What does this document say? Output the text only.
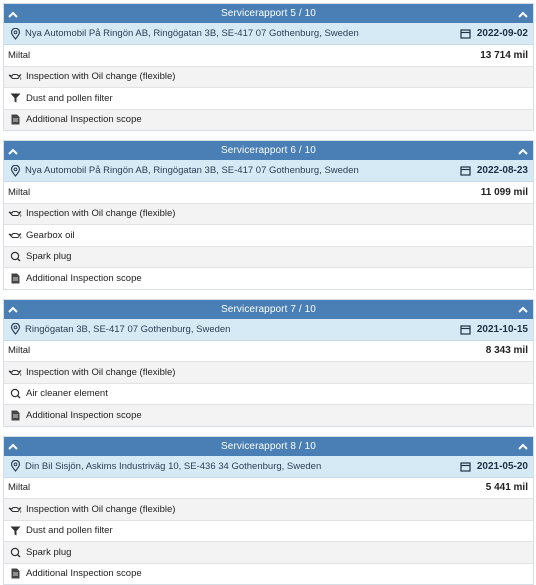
Servicerapport 5 / 10
Nya Automobil På Ringön AB, Ringögatan 3B, SE-417 07 Gothenburg, Sweden	2022-09-02
Miltal	13 714 mil
Inspection with Oil change (flexible)
Dust and pollen filter
Additional Inspection scope
Servicerapport 6 / 10
Nya Automobil På Ringön AB, Ringögatan 3B, SE-417 07 Gothenburg, Sweden	2022-08-23
Miltal	11 099 mil
Inspection with Oil change (flexible)
Gearbox oil
Spark plug
Additional Inspection scope
Servicerapport 7 / 10
Ringögatan 3B, SE-417 07 Gothenburg, Sweden	2021-10-15
Miltal	8 343 mil
Inspection with Oil change (flexible)
Air cleaner element
Additional Inspection scope
Servicerapport 8 / 10
Din Bil Sisjön, Askims Industriväg 10, SE-436 34 Gothenburg, Sweden	2021-05-20
Miltal	5 441 mil
Inspection with Oil change (flexible)
Dust and pollen filter
Spark plug
Additional Inspection scope
